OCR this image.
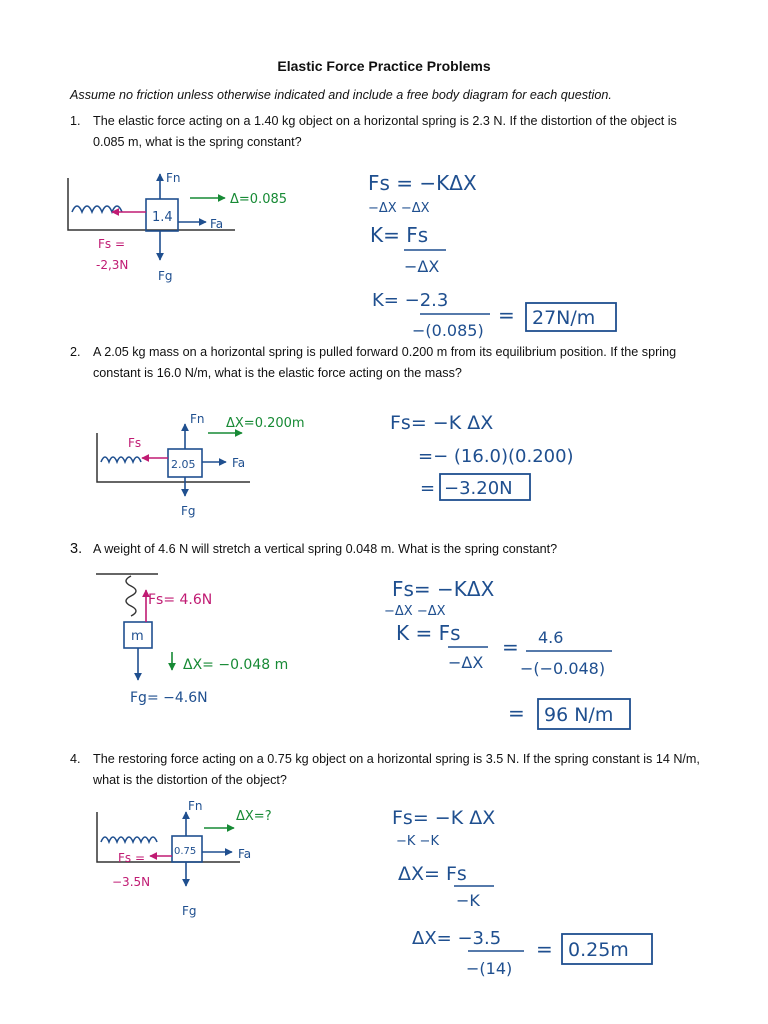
Elastic Force Practice Problems
Assume no friction unless otherwise indicated and include a free body diagram for each question.
1. The elastic force acting on a 1.40 kg object on a horizontal spring is 2.3 N. If the distortion of the object is 0.085 m, what is the spring constant?
2. A 2.05 kg mass on a horizontal spring is pulled forward 0.200 m from its equilibrium position. If the spring constant is 16.0 N/m, what is the elastic force acting on the mass?
3. A weight of 4.6 N will stretch a vertical spring 0.048 m. What is the spring constant?
4. The restoring force acting on a 0.75 kg object on a horizontal spring is 3.5 N. If the spring constant is 14 N/m, what is the distortion of the object?
1.4
Fn
Fg
Fa
Fs =
-2,3N
Δ=0.085
Fs = −KΔX
−ΔX −ΔX
K= Fs
−ΔX
K= −2.3
−(0.085)
= 27N/m
2.05
Fn
Fg
Fa
Fs
ΔX=0.200m	Fs= −K ΔX
=− (16.0)(0.200)
= −3.20N
m
Fs= 4.6N
Fg= −4.6N
ΔX= −0.048 m
Fs= −KΔX
−ΔX −ΔX
K = Fs
−ΔX
= 4.6
−(−0.048)
= 96 N/m
0.75
Fn
Fg
Fa
Fs =
−3.5N
ΔX=?	Fs= −K ΔX
−K −K
ΔX= Fs
−K
ΔX= −3.5
−(14)
= 0.25m
